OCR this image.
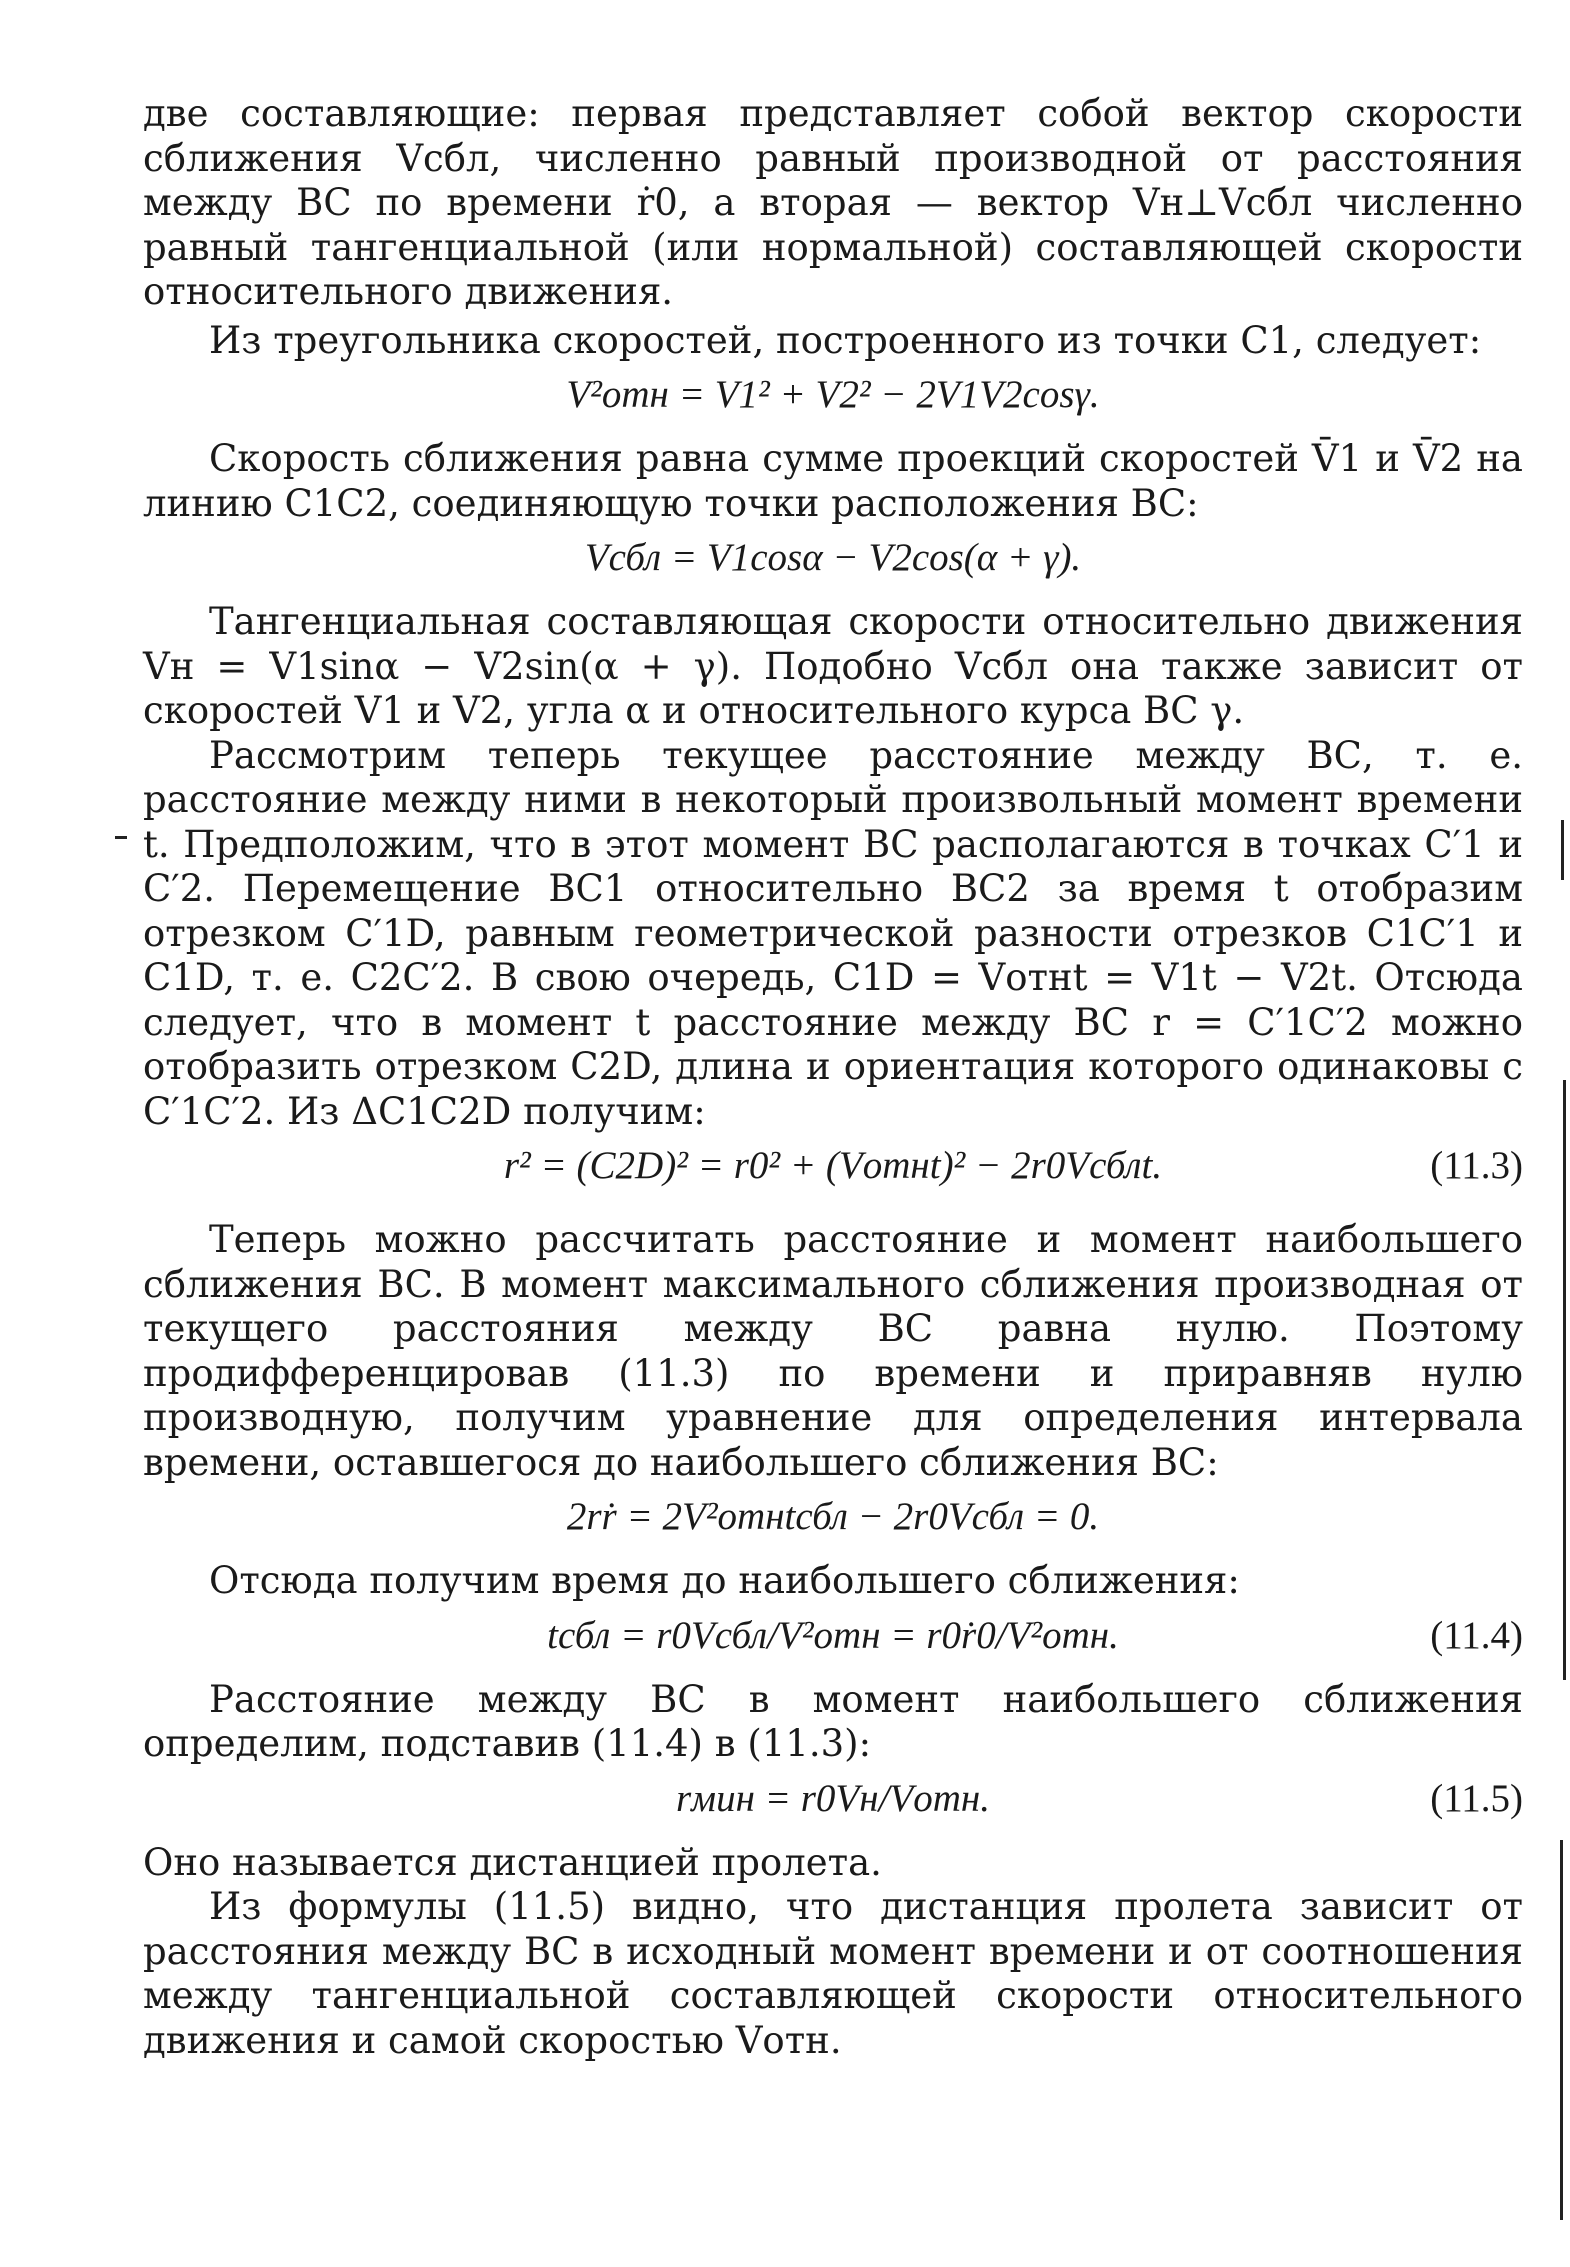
две составляющие: первая представляет собой вектор скорости сближения Vсбл, численно равный производной от расстояния между ВС по времени ṙ0, а вторая — вектор Vн⊥Vсбл численно равный тангенциальной (или нормальной) составляющей скорости относительного движения.

Из треугольника скоростей, построенного из точки C1, следует:

V²отн = V1² + V2² − 2V1V2cosγ.

Скорость сближения равна сумме проекций скоростей V̄1 и V̄2 на линию C1C2, соединяющую точки расположения ВС:

Vсбл = V1cosα − V2cos(α + γ).

Тангенциальная составляющая скорости относительно движения Vн = V1sinα − V2sin(α + γ). Подобно Vсбл она также зависит от скоростей V1 и V2, угла α и относительного курса ВС γ.

Рассмотрим теперь текущее расстояние между ВС, т. е. расстояние между ними в некоторый произвольный момент времени t. Предположим, что в этот момент ВС располагаются в точках C′1 и C′2. Перемещение ВС1 относительно ВС2 за время t отобразим отрезком C′1D, равным геометрической разности отрезков C1C′1 и C1D, т. е. C2C′2. В свою очередь, C1D = Vотнt = V1t − V2t. Отсюда следует, что в момент t расстояние между ВС r = C′1C′2 можно отобразить отрезком C2D, длина и ориентация которого одинаковы с C′1C′2. Из ΔC1C2D получим:

r² = (C2D)² = r0² + (Vотнt)² − 2r0Vсблt.	(11.3)

Теперь можно рассчитать расстояние и момент наибольшего сближения ВС. В момент максимального сближения производная от текущего расстояния между ВС равна нулю. Поэтому продифференцировав (11.3) по времени и приравняв нулю производную, получим уравнение для определения интервала времени, оставшегося до наибольшего сближения ВС:

2rṙ = 2V²отнtсбл − 2r0Vсбл = 0.

Отсюда получим время до наибольшего сближения:

tсбл = r0Vсбл/V²отн = r0ṙ0/V²отн.	(11.4)

Расстояние между ВС в момент наибольшего сближения определим, подставив (11.4) в (11.3):

rмин = r0Vн/Vотн.	(11.5)

Оно называется дистанцией пролета.

Из формулы (11.5) видно, что дистанция пролета зависит от расстояния между ВС в исходный момент времени и от соотношения между тангенциальной составляющей скорости относительного движения и самой скоростью Vотн.
